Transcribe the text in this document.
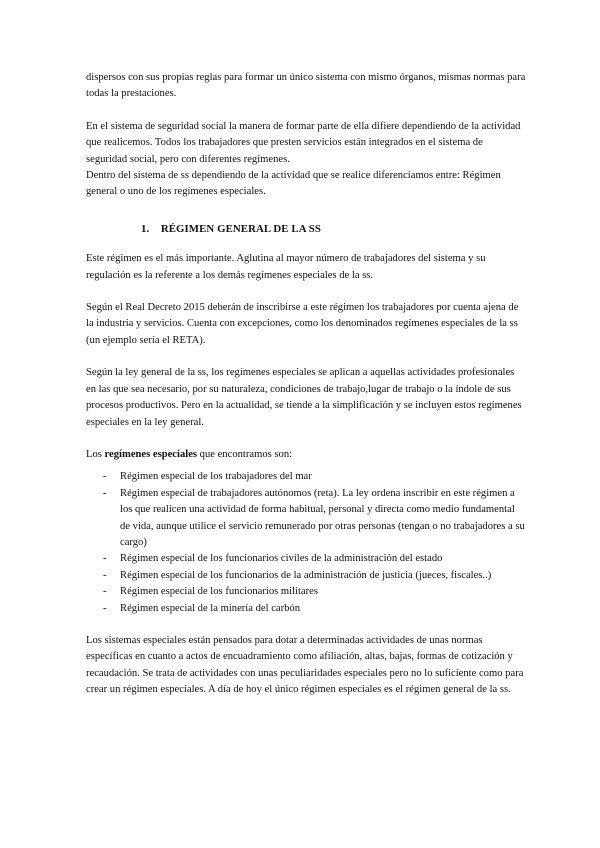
dispersos con sus propias reglas para formar un único sistema con mismo órganos, mismas normas para todas la prestaciones.

En el sistema de seguridad social la manera de formar parte de ella difiere dependiendo de la actividad que realicemos. Todos los trabajadores que presten servicios están integrados en el sistema de seguridad social, pero con diferentes regímenes.

Dentro del sistema de ss dependiendo de la actividad que se realice diferenciamos entre: Régimen general o uno de los regímenes especiales.

1. RÉGIMEN GENERAL DE LA SS

Este régimen es el más importante. Aglutina al mayor número de trabajadores del sistema y su regulación es la referente a los demás regímenes especiales de la ss.

Según el Real Decreto 2015 deberán de inscribirse a este régimen los trabajadores por cuenta ajena de la industria y servicios. Cuenta con excepciones, como los denominados regímenes especiales de la ss (un ejemplo sería el RETA).

Según la ley general de la ss, los regímenes especiales se aplican a aquellas actividades profesionales en las que sea necesario, por su naturaleza, condiciones de trabajo,lugar de trabajo o la índole de sus procesos productivos. Pero en la actualidad, se tiende a la simplificación y se incluyen estos regímenes especiales en la ley general.

Los regímenes especiales que encontramos son:

- Régimen especial de los trabajadores del mar
- Régimen especial de trabajadores autónomos (reta). La ley ordena inscribir en este régimen a los que realicen una actividad de forma habitual, personal y directa como medio fundamental de vida, aunque utilice el servicio remunerado por otras personas (tengan o no trabajadores a su cargo)
- Régimen especial de los funcionarios civiles de la administración del estado
- Régimen especial de los funcionarios de la administración de justicia (jueces, fiscales..)
- Régimen especial de los funcionarios militares
- Régimen especial de la minería del carbón

Los sistemas especiales están pensados para dotar a determinadas actividades de unas normas específicas en cuanto a actos de encuadramiento como afiliación, altas, bajas, formas de cotización y recaudación. Se trata de actividades con unas peculiaridades especiales pero no lo suficiente como para crear un régimen especiales. A día de hoy el único régimen especiales es el régimen general de la ss.
